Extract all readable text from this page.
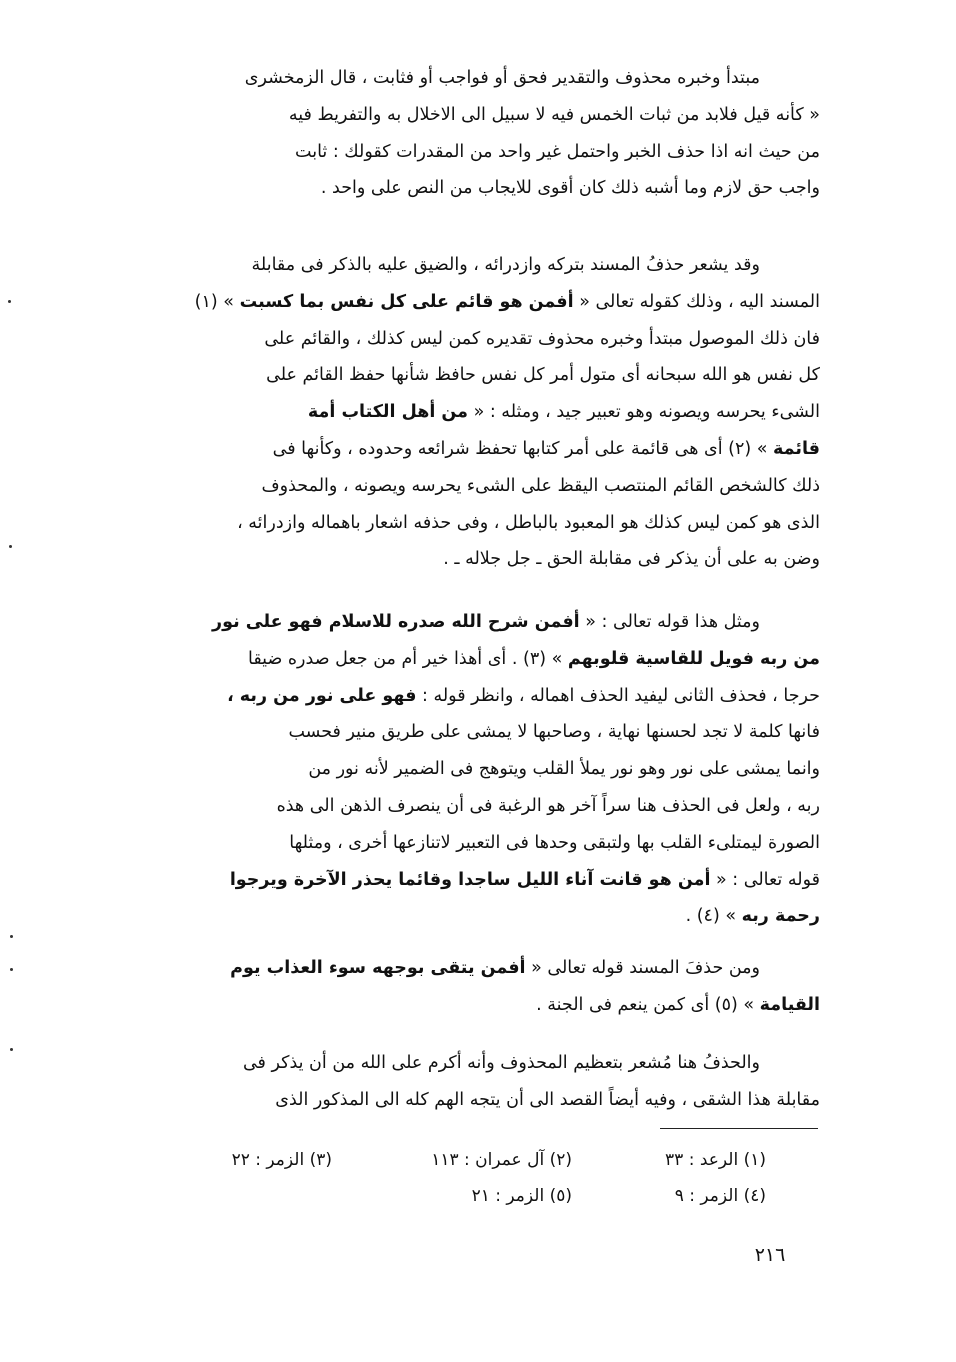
مبتدأ وخبره محذوف والتقدير فحق أو فواجب أو فثابت ، قال الزمخشرى
« كأنه قيل فلابد من ثبات الخمس فيه لا سبيل الى الاخلال به والتفريط فيه
من حيث انه اذا حذف الخبر واحتمل غير واحد من المقدرات كقولك : ثابت
واجب حق لازم وما أشبه ذلك كان أقوى للايجاب من النص على واحد .
وقد يشعر حذفُ المسند بتركه وازدرائه ، والضيق عليه بالذكر فى مقابلة
المسند اليه ، وذلك كقوله تعالى « أفمن هو قائم على كل نفس بما كسبت » (١)
فان ذلك الموصول مبتدأ وخبره محذوف تقديره كمن ليس كذلك ، والقائم على
كل نفس هو الله سبحانه أى متول أمر كل نفس حافظ شأنها حفظ القائم على
الشىء يحرسه ويصونه وهو تعبير جيد ، ومثله : « من أهل الكتاب أمة
قائمة » (٢) أى هى قائمة على أمر كتابها تحفظ شرائعه وحدوده ، وكأنها فى
ذلك كالشخص القائم المنتصب اليقظ على الشىء يحرسه ويصونه ، والمحذوف
الذى هو كمن ليس كذلك هو المعبود بالباطل ، وفى حذفه اشعار باهماله وازدرائه ،
وضن به على أن يذكر فى مقابلة الحق ـ جل جلاله ـ .
ومثل هذا قوله تعالى : « أفمن شرح الله صدره للاسلام فهو على نور
من ربه فويل للقاسية قلوبهم » (٣) . أى أهذا خير أم من جعل صدره ضيقا
حرجا ، فحذف الثانى ليفيد الحذف اهماله ، وانظر قوله : فهو على نور من ربه ،
فانها كلمة لا تجد لحسنها نهاية ، وصاحبها لا يمشى على طريق منير فحسب
وانما يمشى على نور وهو نور يملأ القلب ويتوهج فى الضمير لأنه نور من
ربه ، ولعل فى الحذف هنا سراً آخر هو الرغبة فى أن ينصرف الذهن الى هذه
الصورة ليمتلىء القلب بها ولتبقى وحدها فى التعبير لاتنازعها أخرى ، ومثلها
قوله تعالى : « أمن هو قانت آناء الليل ساجدا وقائما يحذر الآخرة ويرجوا
رحمة ربه » (٤) .
ومن حذفَ المسند قوله تعالى « أفمن يتقى بوجهه سوء العذاب يوم
القيامة » (٥) أى كمن ينعم فى الجنة .
والحذفُ هنا مُشعر بتعظيم المحذوف وأنه أكرم على الله من أن يذكر فى
مقابلة هذا الشقى ، وفيه أيضاً القصد الى أن يتجه الهم كله الى المذكور الذى
(١) الرعد : ٣٣
(٢) آل عمران : ١١٣
(٣) الزمر : ٢٢
(٤) الزمر : ٩
(٥) الزمر : ٢١
٢١٦
